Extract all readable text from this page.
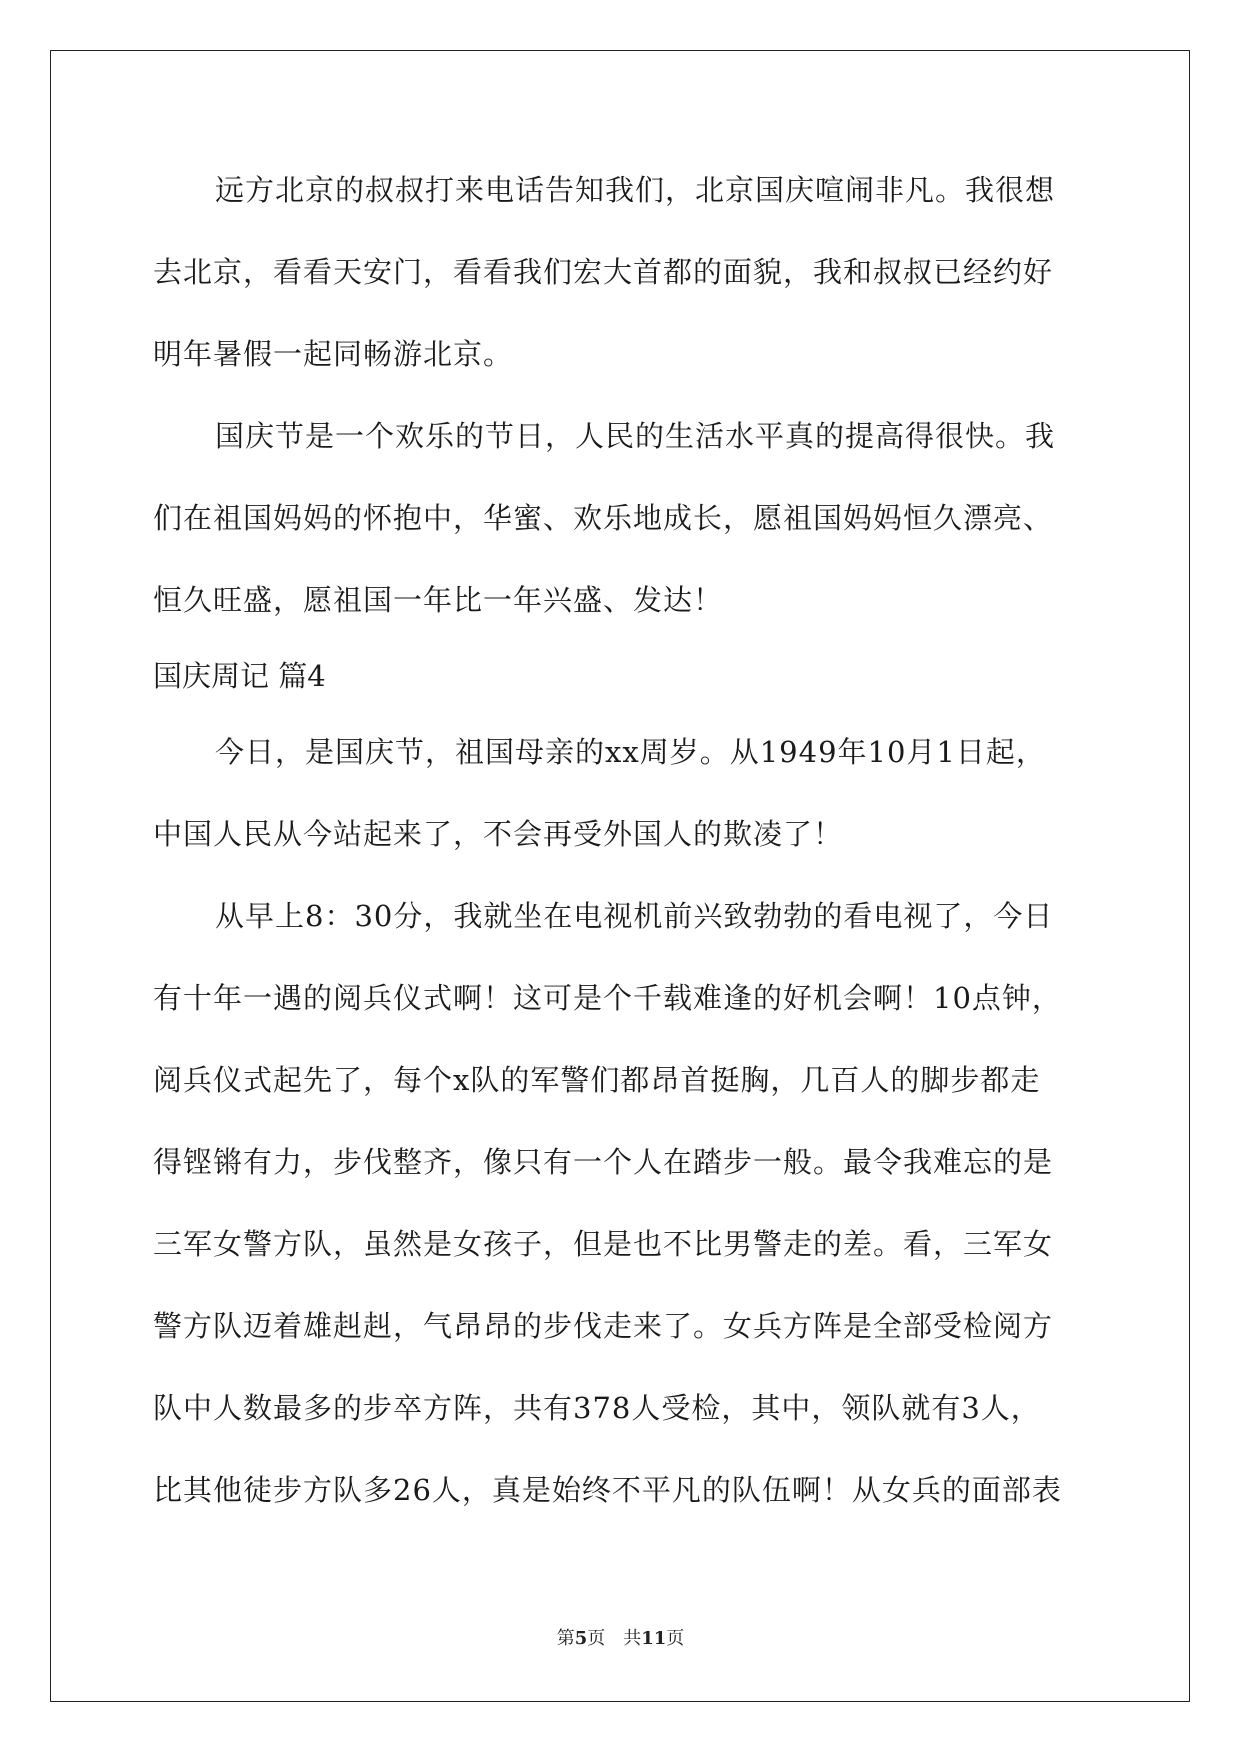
远方北京的叔叔打来电话告知我们，北京国庆喧闹非凡。我很想
去北京，看看天安门，看看我们宏大首都的面貌，我和叔叔已经约好
明年暑假一起同畅游北京。
国庆节是一个欢乐的节日，人民的生活水平真的提高得很快。我
们在祖国妈妈的怀抱中，华蜜、欢乐地成长，愿祖国妈妈恒久漂亮、
恒久旺盛，愿祖国一年比一年兴盛、发达！
国庆周记 篇4
今日，是国庆节，祖国母亲的xx周岁。从1949年10月1日起，
中国人民从今站起来了，不会再受外国人的欺凌了！
从早上8：30分，我就坐在电视机前兴致勃勃的看电视了，今日
有十年一遇的阅兵仪式啊！这可是个千载难逢的好机会啊！10点钟，
阅兵仪式起先了，每个x队的军警们都昂首挺胸，几百人的脚步都走
得铿锵有力，步伐整齐，像只有一个人在踏步一般。最令我难忘的是
三军女警方队，虽然是女孩子，但是也不比男警走的差。看，三军女
警方队迈着雄赳赳，气昂昂的步伐走来了。女兵方阵是全部受检阅方
队中人数最多的步卒方阵，共有378人受检，其中，领队就有3人，
比其他徒步方队多26人，真是始终不平凡的队伍啊！从女兵的面部表
第5页　共11页
